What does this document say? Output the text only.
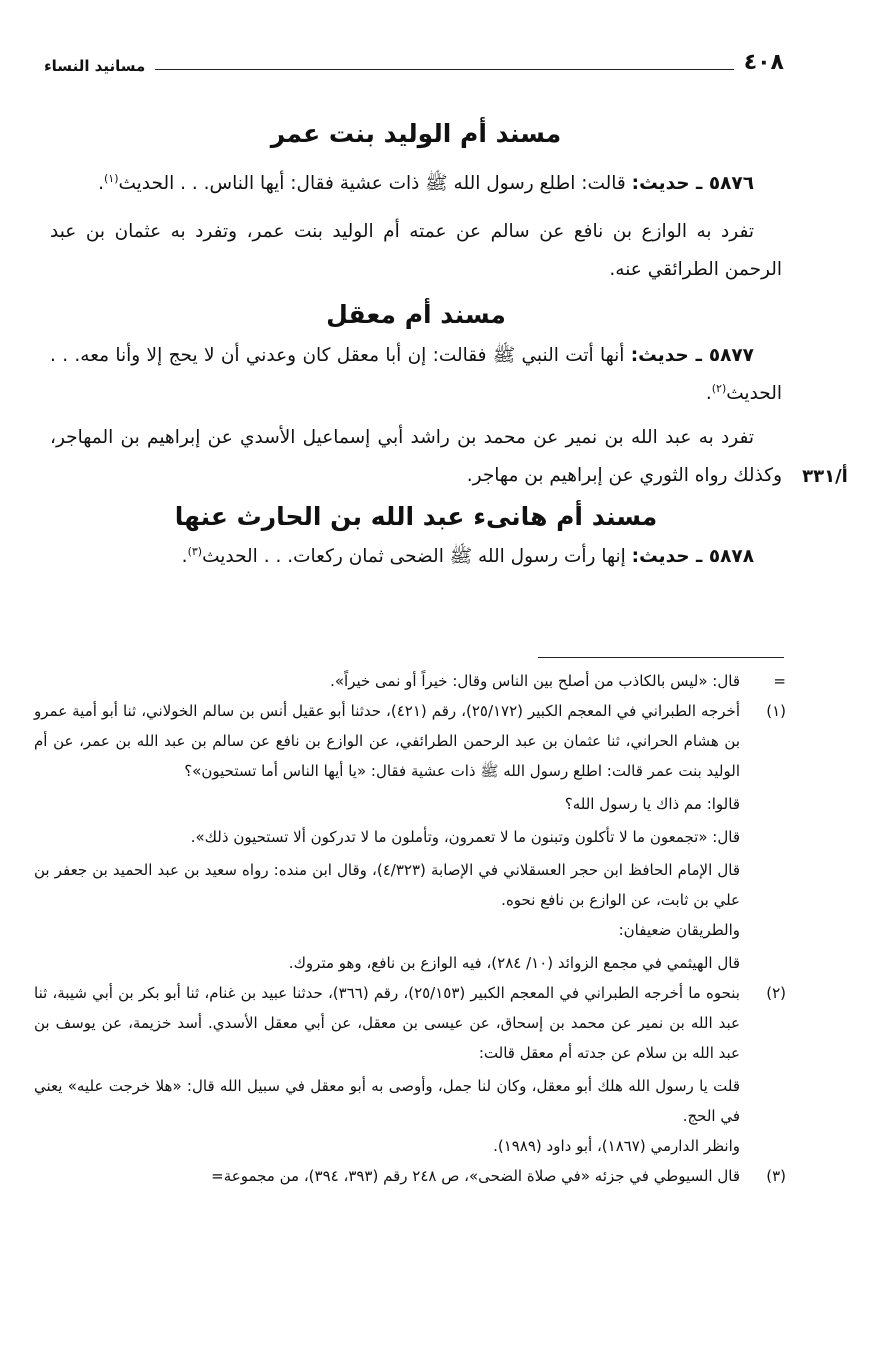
٤٠٨
مسانيد النساء
أ/٣٣١
مسند أم الوليد بنت عمر

٥٨٧٦ ـ حديث: قالت: اطلع رسول الله ﷺ ذات عشية فقال: أيها الناس. . . الحديث$^{(١)}$.

تفرد به الوازع بن نافع عن سالم عن عمته أم الوليد بنت عمر، وتفرد به عثمان بن عبد الرحمن الطرائقي عنه.

مسند أم معقل

٥٨٧٧ ـ حديث: أنها أتت النبي ﷺ فقالت: إن أبا معقل كان وعدني أن لا يحج إلا وأنا معه. . . الحديث$^{(٢)}$.

تفرد به عبد الله بن نمير عن محمد بن راشد أبي إسماعيل الأسدي عن إبراهيم بن المهاجر، وكذلك رواه الثوري عن إبراهيم بن مهاجر.

مسند أم هانىء عبد الله بن الحارث عنها

٥٨٧٨ ـ حديث: إنها رأت رسول الله ﷺ الضحى ثمان ركعات. . . الحديث$^{(٣)}$.

=
قال: «ليس بالكاذب من أصلح بين الناس وقال: خيراً أو نمى خيراً».

(١)
أخرجه الطبراني في المعجم الكبير (٢٥/١٧٢)، رقم (٤٢١)، حدثنا أبو عقيل أنس بن سالم الخولاني، ثنا أبو أمية عمرو بن هشام الحراني، ثنا عثمان بن عبد الرحمن الطرائفي، عن الوازع بن نافع عن سالم بن عبد الله بن عمر، عن أم الوليد بنت عمر قالت: اطلع رسول الله ﷺ ذات عشية فقال: «يا أيها الناس أما تستحيون»؟

قالوا: مم ذاك يا رسول الله؟

قال: «تجمعون ما لا تأكلون وتبنون ما لا تعمرون، وتأملون ما لا تدركون ألا تستحيون ذلك».

قال الإمام الحافظ ابن حجر العسقلاني في الإصابة (٤/٣٢٣)، وقال ابن منده: رواه سعيد بن عبد الحميد بن جعفر بن علي بن ثابت، عن الوازع بن نافع نحوه.

والطريقان ضعيفان:

قال الهيثمي في مجمع الزوائد (١٠/ ٢٨٤)، فيه الوازع بن نافع، وهو متروك.

(٢)
بنحوه ما أخرجه الطبراني في المعجم الكبير (٢٥/١٥٣)، رقم (٣٦٦)، حدثنا عبيد بن غنام، ثنا أبو بكر بن أبي شيبة، ثنا عبد الله بن نمير عن محمد بن إسحاق، عن عيسى بن معقل، عن أبي معقل الأسدي. أسد خزيمة، عن يوسف بن عبد الله بن سلام عن جدته أم معقل قالت:

قلت يا رسول الله هلك أبو معقل، وكان لنا جمل، وأوصى به أبو معقل في سبيل الله قال: «هلا خرجت عليه» يعني في الحج.

وانظر الدارمي (١٨٦٧)، أبو داود (١٩٨٩).

(٣)
قال السيوطي في جزئه «في صلاة الضحى»، ص ٢٤٨ رقم (٣٩٣، ٣٩٤)، من مجموعة=
